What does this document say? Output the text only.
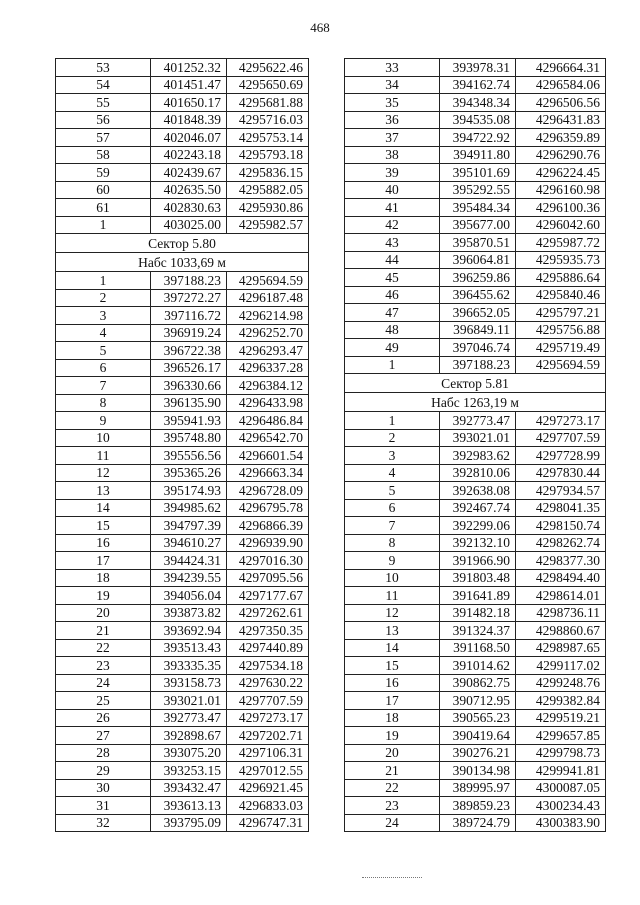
468
53	401252.32	4295622.46
54	401451.47	4295650.69
55	401650.17	4295681.88
56	401848.39	4295716.03
57	402046.07	4295753.14
58	402243.18	4295793.18
59	402439.67	4295836.15
60	402635.50	4295882.05
61	402830.63	4295930.86
1	403025.00	4295982.57
Сектор 5.80		
Набс 1033,69 м		
1	397188.23	4295694.59
2	397272.27	4296187.48
3	397116.72	4296214.98
4	396919.24	4296252.70
5	396722.38	4296293.47
6	396526.17	4296337.28
7	396330.66	4296384.12
8	396135.90	4296433.98
9	395941.93	4296486.84
10	395748.80	4296542.70
11	395556.56	4296601.54
12	395365.26	4296663.34
13	395174.93	4296728.09
14	394985.62	4296795.78
15	394797.39	4296866.39
16	394610.27	4296939.90
17	394424.31	4297016.30
18	394239.55	4297095.56
19	394056.04	4297177.67
20	393873.82	4297262.61
21	393692.94	4297350.35
22	393513.43	4297440.89
23	393335.35	4297534.18
24	393158.73	4297630.22
25	393021.01	4297707.59
26	392773.47	4297273.17
27	392898.67	4297202.71
28	393075.20	4297106.31
29	393253.15	4297012.55
30	393432.47	4296921.45
31	393613.13	4296833.03
32	393795.09	4296747.31
33	393978.31	4296664.31
34	394162.74	4296584.06
35	394348.34	4296506.56
36	394535.08	4296431.83
37	394722.92	4296359.89
38	394911.80	4296290.76
39	395101.69	4296224.45
40	395292.55	4296160.98
41	395484.34	4296100.36
42	395677.00	4296042.60
43	395870.51	4295987.72
44	396064.81	4295935.73
45	396259.86	4295886.64
46	396455.62	4295840.46
47	396652.05	4295797.21
48	396849.11	4295756.88
49	397046.74	4295719.49
1	397188.23	4295694.59
Сектор 5.81		
Набс 1263,19 м		
1	392773.47	4297273.17
2	393021.01	4297707.59
3	392983.62	4297728.99
4	392810.06	4297830.44
5	392638.08	4297934.57
6	392467.74	4298041.35
7	392299.06	4298150.74
8	392132.10	4298262.74
9	391966.90	4298377.30
10	391803.48	4298494.40
11	391641.89	4298614.01
12	391482.18	4298736.11
13	391324.37	4298860.67
14	391168.50	4298987.65
15	391014.62	4299117.02
16	390862.75	4299248.76
17	390712.95	4299382.84
18	390565.23	4299519.21
19	390419.64	4299657.85
20	390276.21	4299798.73
21	390134.98	4299941.81
22	389995.97	4300087.05
23	389859.23	4300234.43
24	389724.79	4300383.90
